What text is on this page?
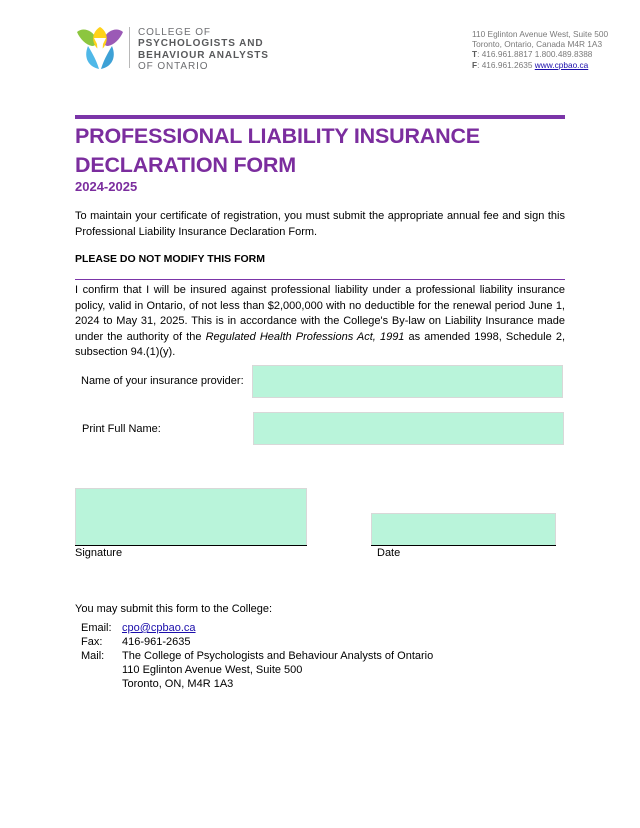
COLLEGE OF
PSYCHOLOGISTS AND
BEHAVIOUR ANALYSTS
OF ONTARIO
110 Eglinton Avenue West, Suite 500
Toronto, Ontario, Canada M4R 1A3
T: 416.961.8817 1.800.489.8388
F: 416.961.2635 www.cpbao.ca
PROFESSIONAL LIABILITY INSURANCE
DECLARATION FORM
2024-2025
To maintain your certificate of registration, you must submit the appropriate annual fee and sign this Professional Liability Insurance Declaration Form.
PLEASE DO NOT MODIFY THIS FORM
I confirm that I will be insured against professional liability under a professional liability insurance policy, valid in Ontario, of not less than $2,000,000 with no deductible for the renewal period June 1, 2024 to May 31, 2025. This is in accordance with the College's By-law on Liability Insurance made under the authority of the Regulated Health Professions Act, 1991 as amended 1998, Schedule 2, subsection 94.(1)(y).
Name of your insurance provider:
Print Full Name:
Signature	Date
You may submit this form to the College:
Email: cpo@cpbao.ca
Fax: 416-961-2635
Mail: The College of Psychologists and Behaviour Analysts of Ontario
110 Eglinton Avenue West, Suite 500
Toronto, ON, M4R 1A3
